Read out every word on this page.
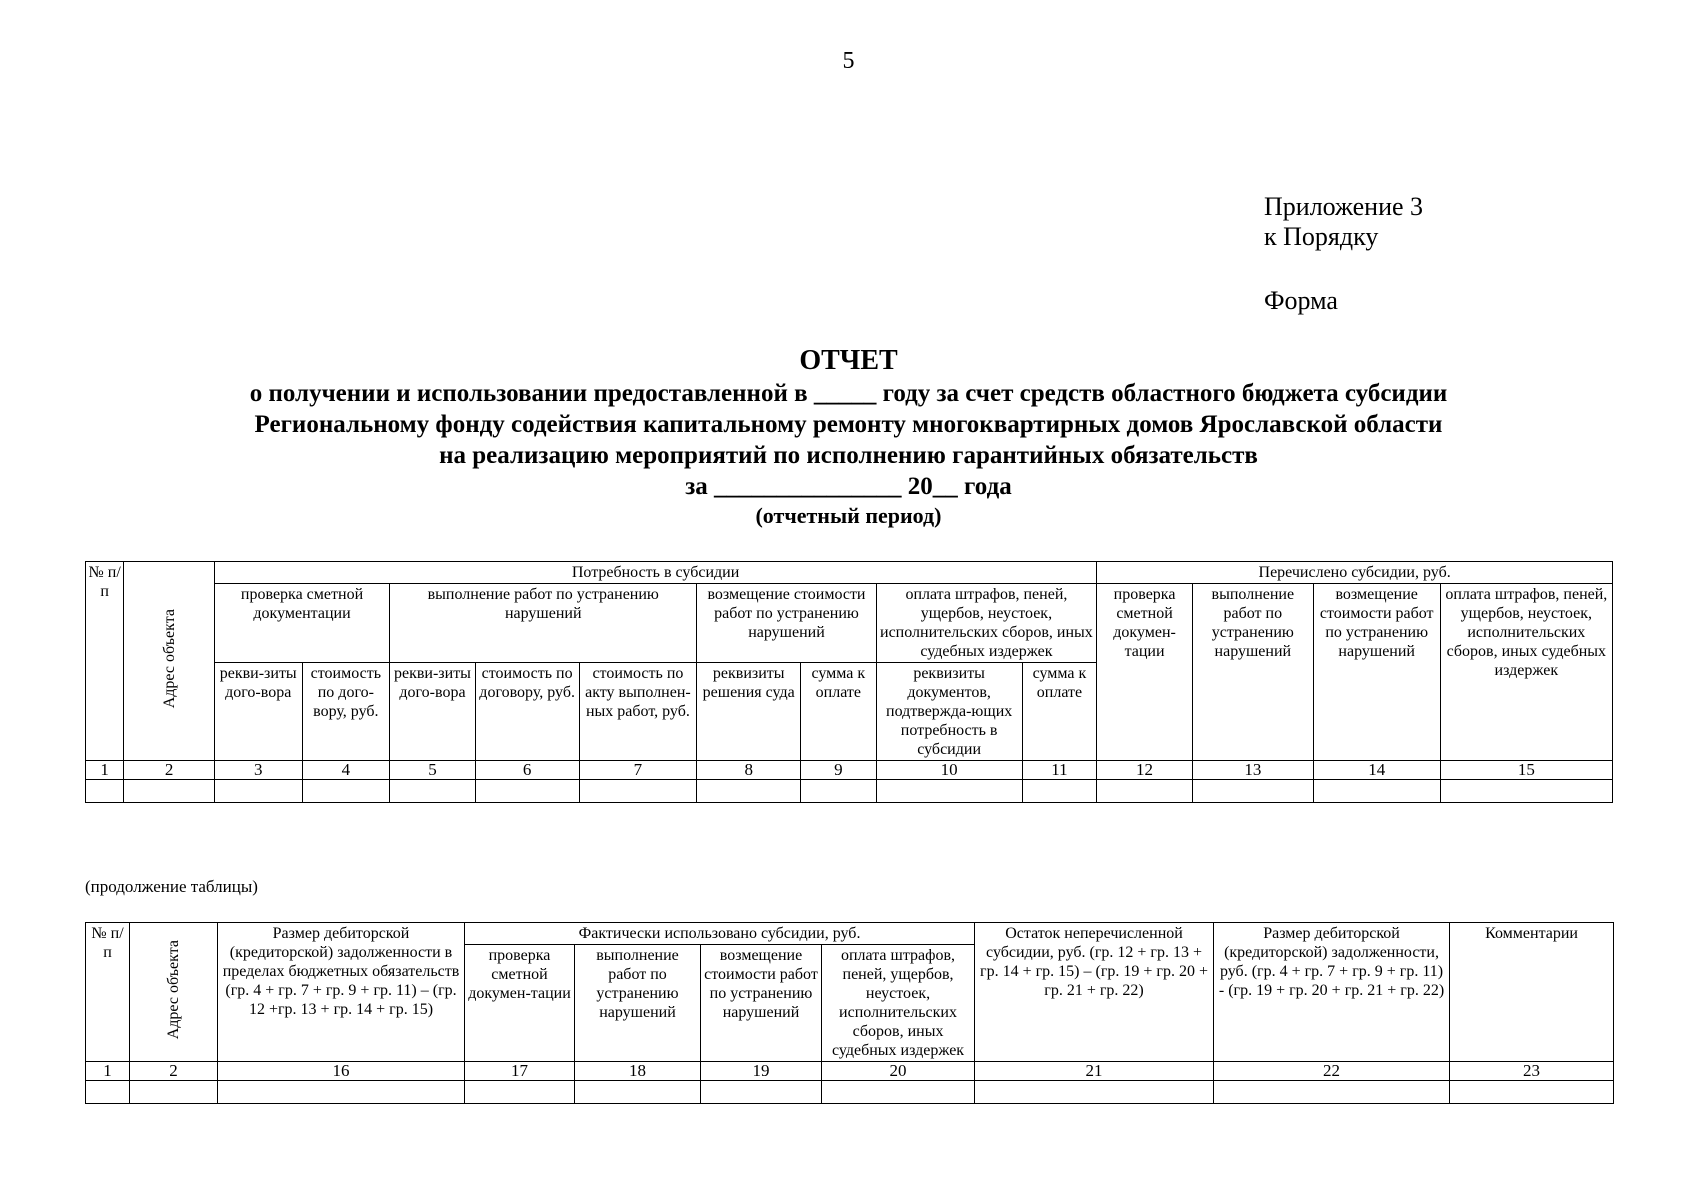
5
Приложение 3
к Порядку
Форма
ОТЧЕТ
о получении и использовании предоставленной в _____ году за счет средств областного бюджета субсидии
Региональному фонду содействия капитальному ремонту многоквартирных домов Ярославской области
на реализацию мероприятий по исполнению гарантийных обязательств
за _______________ 20__ года
(отчетный период)
№ п/п	Адрес объекта	Потребность в субсидии									Перечислено субсидии, руб.			
		проверка сметной документации		выполнение работ по устранению нарушений			возмещение стоимости работ по устранению нарушений		оплата штрафов, пеней, ущербов, неустоек, исполнительских сборов, иных судебных издержек		проверка сметной докумен-тации	выполнение работ по устранению нарушений	возмещение стоимости работ по устранению нарушений	оплата штрафов, пеней, ущербов, неустоек, исполнительских сборов, иных судебных издержек
		рекви-зиты дого-вора	стоимость по дого-вору, руб.	рекви-зиты дого-вора	стоимость по договору, руб.	стоимость по акту выполнен-ных работ, руб.	реквизиты решения суда	сумма к оплате	реквизиты документов, подтвержда-ющих потребность в субсидии	сумма к оплате				
1	2	3	4	5	6	7	8	9	10	11	12	13	14	15

(продолжение таблицы)
№ п/п	Адрес объекта	Размер дебиторской (кредиторской) задолженности в пределах бюджетных обязательств (гр. 4 + гр. 7 + гр. 9 + гр. 11) – (гр. 12 +гр. 13 + гр. 14 + гр. 15)	Фактически использовано субсидии, руб.				Остаток неперечисленной субсидии, руб. (гр. 12 + гр. 13 + гр. 14 + гр. 15) – (гр. 19 + гр. 20 + гр. 21 + гр. 22)	Размер дебиторской (кредиторской) задолженности, руб. (гр. 4 + гр. 7 + гр. 9 + гр. 11) - (гр. 19 + гр. 20 + гр. 21 + гр. 22)	Комментарии
			проверка сметной докумен-тации	выполнение работ по устранению нарушений	возмещение стоимости работ по устранению нарушений	оплата штрафов, пеней, ущербов, неустоек, исполнительских сборов, иных судебных издержек			
1	2	16	17	18	19	20	21	22	23
